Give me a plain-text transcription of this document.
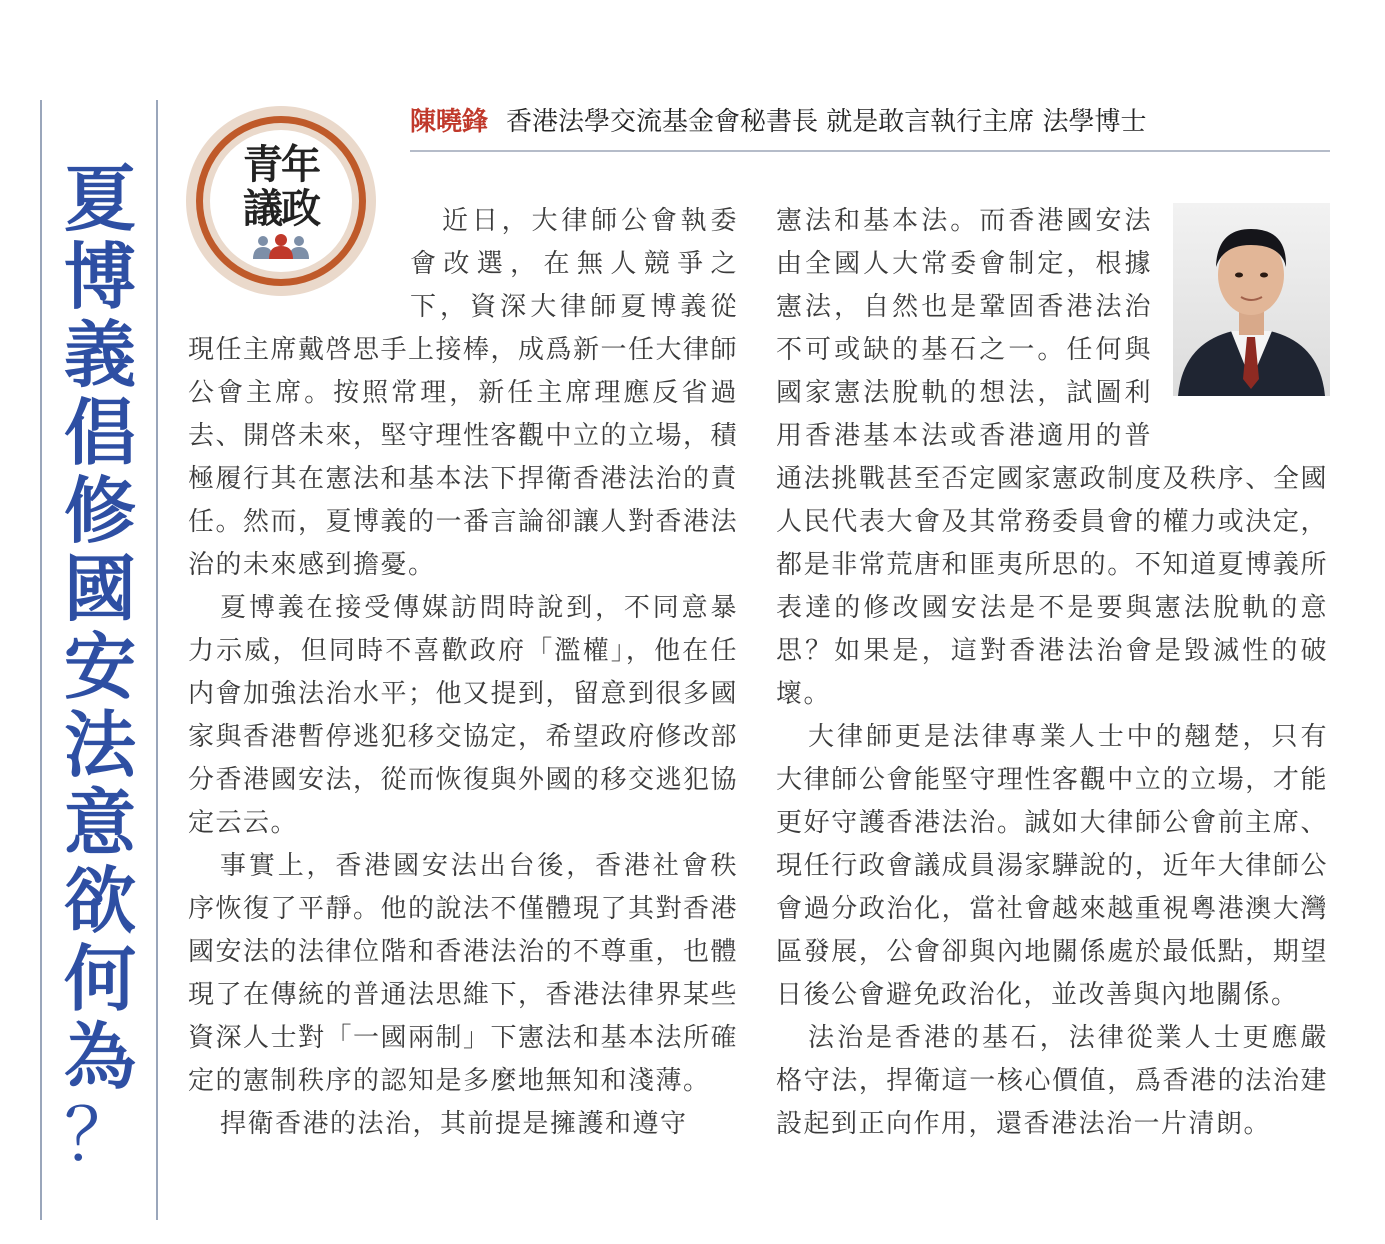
夏
博
義
倡
修
國
安
法
意
欲
何
為
？
青年
議政
陳曉鋒 香港法學交流基金會秘書長 就是敢言執行主席 法學博士

近日，大律師公會執委會改選，在無人競爭之下，資深大律師夏博義從現任主席戴啓思手上接棒，成爲新一任大律師公會主席。按照常理，新任主席理應反省過去、開啓未來，堅守理性客觀中立的立場，積極履行其在憲法和基本法下捍衛香港法治的責任。然而，夏博義的一番言論卻讓人對香港法治的未來感到擔憂。

夏博義在接受傳媒訪問時說到，不同意暴力示威，但同時不喜歡政府「濫權」，他在任内會加強法治水平；他又提到，留意到很多國家與香港暫停逃犯移交協定，希望政府修改部分香港國安法，從而恢復與外國的移交逃犯協定云云。

事實上，香港國安法出台後，香港社會秩序恢復了平靜。他的說法不僅體現了其對香港國安法的法律位階和香港法治的不尊重，也體現了在傳統的普通法思維下，香港法律界某些資深人士對「一國兩制」下憲法和基本法所確定的憲制秩序的認知是多麼地無知和淺薄。

捍衛香港的法治，其前提是擁護和遵守

憲法和基本法。而香港國安法由全國人大常委會制定，根據憲法，自然也是鞏固香港法治不可或缺的基石之一。任何與國家憲法脫軌的想法，試圖利用香港基本法或香港適用的普通法挑戰甚至否定國家憲政制度及秩序、全國人民代表大會及其常務委員會的權力或決定，都是非常荒唐和匪夷所思的。不知道夏博義所表達的修改國安法是不是要與憲法脫軌的意思？如果是，這對香港法治會是毀滅性的破壞。

大律師更是法律專業人士中的翹楚，只有大律師公會能堅守理性客觀中立的立場，才能更好守護香港法治。誠如大律師公會前主席、現任行政會議成員湯家驊說的，近年大律師公會過分政治化，當社會越來越重視粵港澳大灣區發展，公會卻與內地關係處於最低點，期望日後公會避免政治化，並改善與內地關係。

法治是香港的基石，法律從業人士更應嚴格守法，捍衛這一核心價值，爲香港的法治建設起到正向作用，還香港法治一片清朗。
